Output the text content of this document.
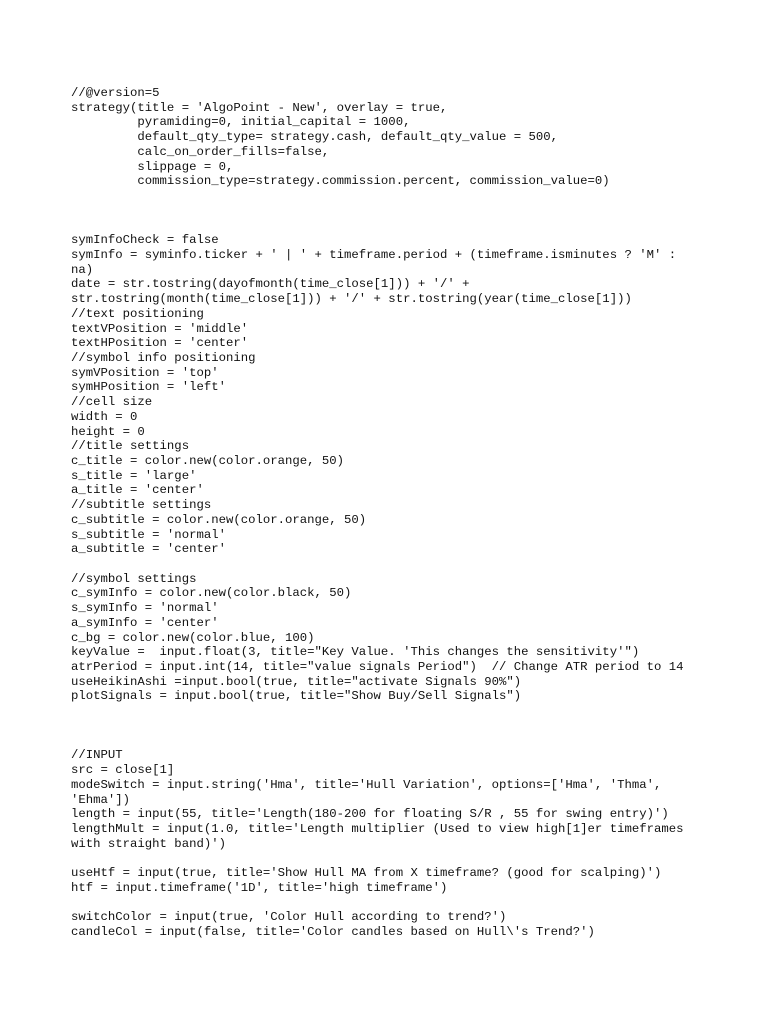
//@version=5
strategy(title = 'AlgoPoint - New', overlay = true,
pyramiding=0, initial_capital = 1000,
default_qty_type= strategy.cash, default_qty_value = 500,
calc_on_order_fills=false,
slippage = 0,
commission_type=strategy.commission.percent, commission_value=0)
symInfoCheck = false
symInfo = syminfo.ticker + ' | ' + timeframe.period + (timeframe.isminutes ? 'M' :
na)
date = str.tostring(dayofmonth(time_close[1])) + '/' +
str.tostring(month(time_close[1])) + '/' + str.tostring(year(time_close[1]))
//text positioning
textVPosition = 'middle'
textHPosition = 'center'
//symbol info positioning
symVPosition = 'top'
symHPosition = 'left'
//cell size
width = 0
height = 0
//title settings
c_title = color.new(color.orange, 50)
s_title = 'large'
a_title = 'center'
//subtitle settings
c_subtitle = color.new(color.orange, 50)
s_subtitle = 'normal'
a_subtitle = 'center'
//symbol settings
c_symInfo = color.new(color.black, 50)
s_symInfo = 'normal'
a_symInfo = 'center'
c_bg = color.new(color.blue, 100)
keyValue =  input.float(3, title="Key Value. 'This changes the sensitivity'")
atrPeriod = input.int(14, title="value signals Period")  // Change ATR period to 14
useHeikinAshi =input.bool(true, title="activate Signals 90%")
plotSignals = input.bool(true, title="Show Buy/Sell Signals")
//INPUT
src = close[1]
modeSwitch = input.string('Hma', title='Hull Variation', options=['Hma', 'Thma',
'Ehma'])
length = input(55, title='Length(180-200 for floating S/R , 55 for swing entry)')
lengthMult = input(1.0, title='Length multiplier (Used to view high[1]er timeframes
with straight band)')
useHtf = input(true, title='Show Hull MA from X timeframe? (good for scalping)')
htf = input.timeframe('1D', title='high timeframe')
switchColor = input(true, 'Color Hull according to trend?')
candleCol = input(false, title='Color candles based on Hull\'s Trend?')
